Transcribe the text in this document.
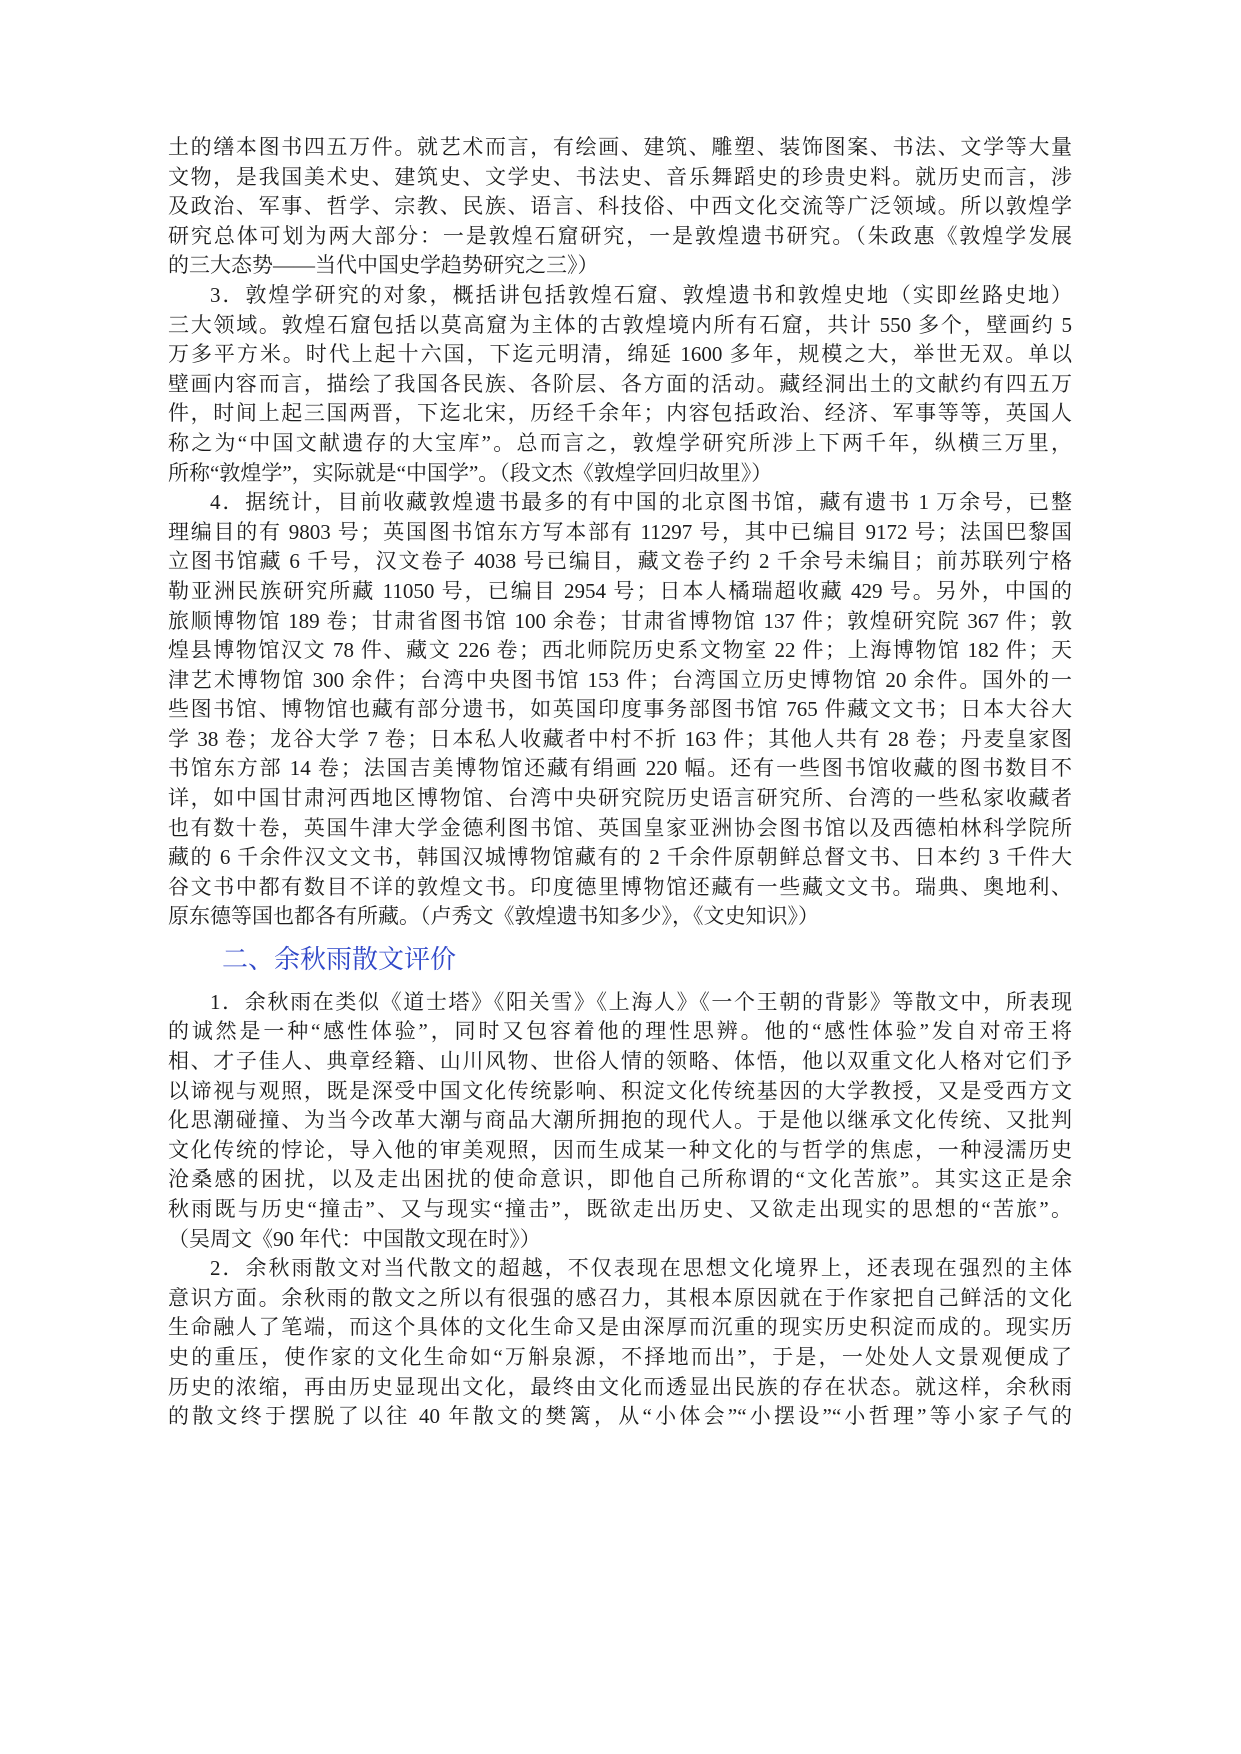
土的缮本图书四五万件。就艺术而言，有绘画、建筑、雕塑、装饰图案、书法、文学等大量
文物，是我国美术史、建筑史、文学史、书法史、音乐舞蹈史的珍贵史料。就历史而言，涉
及政治、军事、哲学、宗教、民族、语言、科技俗、中西文化交流等广泛领域。所以敦煌学
研究总体可划为两大部分：一是敦煌石窟研究，一是敦煌遗书研究。（朱政惠《敦煌学发展
的三大态势——当代中国史学趋势研究之三》）
3．敦煌学研究的对象，概括讲包括敦煌石窟、敦煌遗书和敦煌史地（实即丝路史地）
三大领域。敦煌石窟包括以莫高窟为主体的古敦煌境内所有石窟，共计 550 多个，壁画约 5
万多平方米。时代上起十六国，下迄元明清，绵延 1600 多年，规模之大，举世无双。单以
壁画内容而言，描绘了我国各民族、各阶层、各方面的活动。藏经洞出土的文献约有四五万
件，时间上起三国两晋，下迄北宋，历经千余年；内容包括政治、经济、军事等等，英国人
称之为“中国文献遗存的大宝库”。总而言之，敦煌学研究所涉上下两千年，纵横三万里，
所称“敦煌学”，实际就是“中国学”。（段文杰《敦煌学回归故里》）
4．据统计，目前收藏敦煌遗书最多的有中国的北京图书馆，藏有遗书 1 万余号，已整
理编目的有 9803 号；英国图书馆东方写本部有 11297 号，其中已编目 9172 号；法国巴黎国
立图书馆藏 6 千号，汉文卷子 4038 号已编目，藏文卷子约 2 千余号未编目；前苏联列宁格
勒亚洲民族研究所藏 11050 号，已编目 2954 号；日本人橘瑞超收藏 429 号。另外，中国的
旅顺博物馆 189 卷；甘肃省图书馆 100 余卷；甘肃省博物馆 137 件；敦煌研究院 367 件；敦
煌县博物馆汉文 78 件、藏文 226 卷；西北师院历史系文物室 22 件；上海博物馆 182 件；天
津艺术博物馆 300 余件；台湾中央图书馆 153 件；台湾国立历史博物馆 20 余件。国外的一
些图书馆、博物馆也藏有部分遗书，如英国印度事务部图书馆 765 件藏文文书；日本大谷大
学 38 卷；龙谷大学 7 卷；日本私人收藏者中村不折 163 件；其他人共有 28 卷；丹麦皇家图
书馆东方部 14 卷；法国吉美博物馆还藏有绢画 220 幅。还有一些图书馆收藏的图书数目不
详，如中国甘肃河西地区博物馆、台湾中央研究院历史语言研究所、台湾的一些私家收藏者
也有数十卷，英国牛津大学金德利图书馆、英国皇家亚洲协会图书馆以及西德柏林科学院所
藏的 6 千余件汉文文书，韩国汉城博物馆藏有的 2 千余件原朝鲜总督文书、日本约 3 千件大
谷文书中都有数目不详的敦煌文书。印度德里博物馆还藏有一些藏文文书。瑞典、奥地利、
原东德等国也都各有所藏。（卢秀文《敦煌遗书知多少》，《文史知识》）
二、余秋雨散文评价
1．余秋雨在类似《道士塔》《阳关雪》《上海人》《一个王朝的背影》等散文中，所表现
的诚然是一种“感性体验”，同时又包容着他的理性思辨。他的“感性体验”发自对帝王将
相、才子佳人、典章经籍、山川风物、世俗人情的领略、体悟，他以双重文化人格对它们予
以谛视与观照，既是深受中国文化传统影响、积淀文化传统基因的大学教授，又是受西方文
化思潮碰撞、为当今改革大潮与商品大潮所拥抱的现代人。于是他以继承文化传统、又批判
文化传统的悖论，导入他的审美观照，因而生成某一种文化的与哲学的焦虑，一种浸濡历史
沧桑感的困扰，以及走出困扰的使命意识，即他自己所称谓的“文化苦旅”。其实这正是余
秋雨既与历史“撞击”、又与现实“撞击”，既欲走出历史、又欲走出现实的思想的“苦旅”。
（吴周文《90 年代：中国散文现在时》）
2．余秋雨散文对当代散文的超越，不仅表现在思想文化境界上，还表现在强烈的主体
意识方面。余秋雨的散文之所以有很强的感召力，其根本原因就在于作家把自己鲜活的文化
生命融人了笔端，而这个具体的文化生命又是由深厚而沉重的现实历史积淀而成的。现实历
史的重压，使作家的文化生命如“万斛泉源，不择地而出”，于是，一处处人文景观便成了
历史的浓缩，再由历史显现出文化，最终由文化而透显出民族的存在状态。就这样，余秋雨
的散文终于摆脱了以往 40 年散文的樊篱，从“小体会”“小摆设”“小哲理”等小家子气的
